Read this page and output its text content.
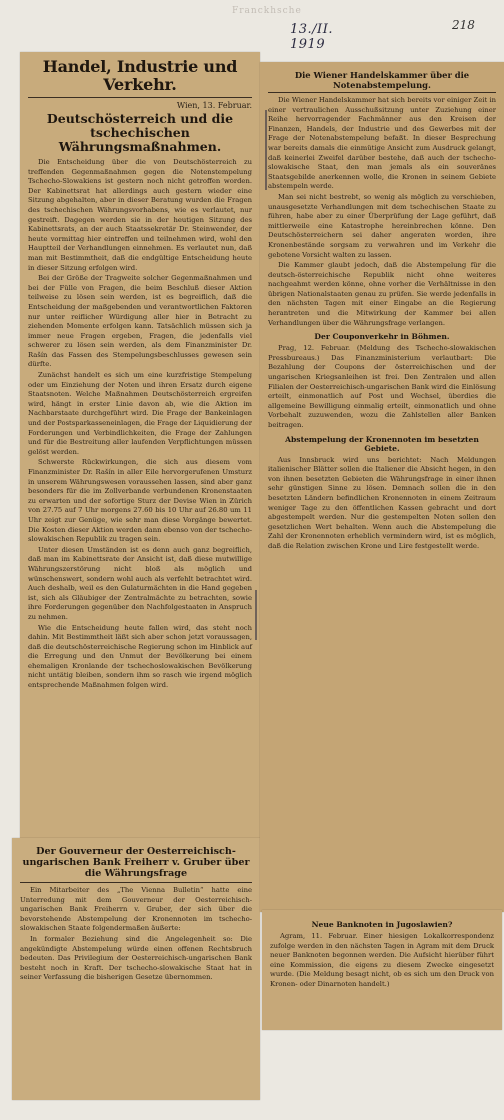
Franckhsche
13./II. 1919
218
Handel, Industrie und Verkehr.
Wien, 13. Februar.
Deutschösterreich und die tschechischen Währungsmaßnahmen.

Die Entscheidung über die von Deutschösterreich zu treffenden Gegenmaßnahmen gegen die Notenstempelung Tschecho-Slowakiens ist gestern noch nicht getroffen worden. Der Kabinettsrat hat allerdings auch gestern wieder eine Sitzung abgehalten, aber in dieser Beratung wurden die Fragen des tschechischen Währungsvorhabens, wie es verlautet, nur gestreift. Dagegen werden sie in der heutigen Sitzung des Kabinettsrats, an der auch Staatssekretär Dr. Steinwender, der heute vormittag hier eintreffen und teilnehmen wird, wohl den Hauptteil der Verhandlungen einnehmen. Es verlautet nun, daß man mit Bestimmtheit, daß die endgültige Entscheidung heute in dieser Sitzung erfolgen wird.

Bei der Größe der Tragweite solcher Gegenmaßnahmen und bei der Fülle von Fragen, die beim Beschluß dieser Aktion teilweise zu lösen sein werden, ist es begreiflich, daß die Entscheidung der maßgebenden und verantwortlichen Faktoren nur unter reiflicher Würdigung aller hier in Betracht zu ziehenden Momente erfolgen kann. Tatsächlich müssen sich ja immer neue Fragen ergeben, Fragen, die jedenfalls viel schwerer zu lösen sein werden, als dem Finanzminister Dr. Rašín das Fassen des Stempelungsbeschlusses gewesen sein dürfte.

Zunächst handelt es sich um eine kurzfristige Stempelung oder um Einziehung der Noten und ihren Ersatz durch eigene Staatsnoten. Welche Maßnahmen Deutschösterreich ergreifen wird, hängt in erster Linie davon ab, wie die Aktion im Nachbarstaate durchgeführt wird. Die Frage der Bankeinlagen und der Postsparkasseneinlagen, die Frage der Liquidierung der Forderungen und Verbindlichkeiten, die Frage der Zahlungen und für die Bestreitung aller laufenden Verpflichtungen müssen gelöst werden.

Schwerste Rückwirkungen, die sich aus diesem vom Finanzminister Dr. Rašín in aller Eile hervorgerufenen Umsturz in unserem Währungswesen voraussehen lassen, sind aber ganz besonders für die im Zollverbande verbundenen Kronenstaaten zu erwarten und der sofortige Sturz der Devise Wien in Zürich von 27.75 auf 7 Uhr morgens 27.60 bis 10 Uhr auf 26.80 um 11 Uhr zeigt zur Genüge, wie sehr man diese Vorgänge bewertet. Die Kosten dieser Aktion werden dann ebenso von der tschecho-slowakischen Republik zu tragen sein.

Unter diesen Umständen ist es denn auch ganz begreiflich, daß man im Kabinettsrate der Ansicht ist, daß diese mutwillige Währungszerstörung nicht bloß als möglich und wünschenswert, sondern wohl auch als verfehlt betrachtet wird. Auch deshalb, weil es den Gulaturmächten in die Hand gegeben ist, sich als Gläubiger der Zentralmächte zu betrachten, sowie ihre Forderungen gegenüber den Nachfolgestaaten in Anspruch zu nehmen.

Wie die Entscheidung heute fallen wird, das steht noch dahin. Mit Bestimmtheit läßt sich aber schon jetzt voraussagen, daß die deutschösterreichische Regierung schon im Hinblick auf die Erregung und den Unmut der Bevölkerung bei einem ehemaligen Kronlande der tschechoslowakischen Bevölkerung nicht untätig bleiben, sondern ihm so rasch wie irgend möglich entsprechende Maßnahmen folgen wird.

Der Gouverneur der Oesterreichisch-ungarischen Bank Freiherr v. Gruber über die Währungsfrage

Ein Mitarbeiter des „The Vienna Bulletin“ hatte eine Unterredung mit dem Gouverneur der Oesterreichisch-ungarischen Bank Freiherrn v. Gruber, der sich über die bevorstehende Abstempelung der Kronennoten im tschecho-slowakischen Staate folgendermaßen äußerte:

In formaler Beziehung sind die Angelegenheit so: Die angekündigte Abstempelung würde einen offenen Rechtsbruch bedeuten. Das Privilegium der Oesterreichisch-ungarischen Bank besteht noch in Kraft. Der tschecho-slowakische Staat hat in seiner Verfassung die bisherigen Gesetze übernommen.

Die Wiener Handelskammer über die Notenabstempelung.

Die Wiener Handelskammer hat sich bereits vor einiger Zeit in einer vertraulichen Ausschußsitzung unter Zuziehung einer Reihe hervorragender Fachmänner aus den Kreisen der Finanzen, Handels, der Industrie und des Gewerbes mit der Frage der Notenabstempelung befaßt. In dieser Besprechung war bereits damals die einmütige Ansicht zum Ausdruck gelangt, daß keinerlei Zweifel darüber bestehe, daß auch der tschecho-slowakische Staat, den man jemals als ein souveränes Staatsgebilde anerkennen wolle, die Kronen in seinem Gebiete abstempeln werde.

Man sei nicht bestrebt, so wenig als möglich zu verschieben, unausgesetzte Verhandlungen mit dem tschechischen Staate zu führen, habe aber zu einer Überprüfung der Lage geführt, daß mittlerweile eine Katastrophe hereinbrechen könne. Den Deutschösterreichern sei daher angeraten worden, ihre Kronenbestände sorgsam zu verwahren und im Verkehr die gebotene Vorsicht walten zu lassen.

Die Kammer glaubt jedoch, daß die Abstempelung für die deutsch-österreichische Republik nicht ohne weiteres nachgeahmt werden könne, ohne vorher die Verhältnisse in den übrigen Nationalstaaten genau zu prüfen. Sie werde jedenfalls in den nächsten Tagen mit einer Eingabe an die Regierung herantreten und die Mitwirkung der Kammer bei allen Verhandlungen über die Währungsfrage verlangen.

Der Couponverkehr in Böhmen.

Prag, 12. Februar. (Meldung des Tschecho-slowakischen Pressbureaus.) Das Finanzministerium verlautbart: Die Bezahlung der Coupons der österreichischen und der ungarischen Kriegsanleihen ist frei. Den Zentralen und allen Filialen der Oesterreichisch-ungarischen Bank wird die Einlösung erteilt, einmonatlich auf Post und Wechsel, überdies die allgemeine Bewilligung einmalig erteilt, einmonatlich und ohne Vorbehalt zuzuwenden, wozu die Zahlstellen aller Banken beitragen.

Abstempelung der Kronennoten im besetzten Gebiete.

Aus Innsbruck wird uns berichtet: Nach Meldungen italienischer Blätter sollen die Italiener die Absicht hegen, in den von ihnen besetzten Gebieten die Währungsfrage in einer ihnen sehr günstigen Sinne zu lösen. Demnach sollen die in den besetzten Ländern befindlichen Kronennoten in einem Zeitraum weniger Tage zu den öffentlichen Kassen gebracht und dort abgestempelt werden. Nur die gestempelten Noten sollen den gesetzlichen Wert behalten. Wenn auch die Abstempelung die Zahl der Kronennoten erheblich vermindern wird, ist es möglich, daß die Relation zwischen Krone und Lire festgestellt werde.

Neue Banknoten in Jugoslawien?

Agram, 11. Februar. Einer hiesigen Lokalkorrespondenz zufolge werden in den nächsten Tagen in Agram mit dem Druck neuer Banknoten begonnen werden. Die Aufsicht hierüber führt eine Kommission, die eigens zu diesem Zwecke eingesetzt wurde. (Die Meldung besagt nicht, ob es sich um den Druck von Kronen- oder Dinarnoten handelt.)
